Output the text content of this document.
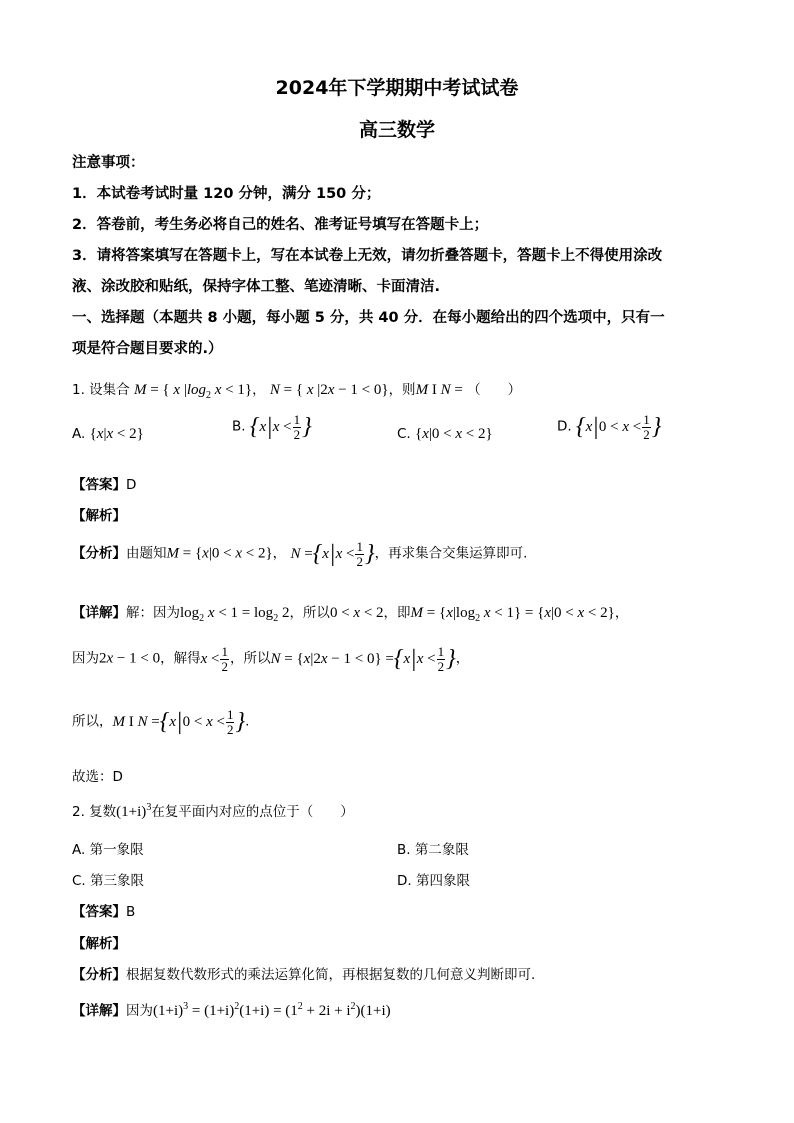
2024年下学期期中考试试卷
高三数学
注意事项：
1．本试卷考试时量 120 分钟，满分 150 分；
2．答卷前，考生务必将自己的姓名、准考证号填写在答题卡上；
3．请将答案填写在答题卡上，写在本试卷上无效，请勿折叠答题卡，答题卡上不得使用涂改
液、涂改胶和贴纸，保持字体工整、笔迹清晰、卡面清洁.
一、选择题（本题共 8 小题，每小题 5 分，共 40 分．在每小题给出的四个选项中，只有一
项是符合题目要求的.）
1. 设集合 M = { x $|\log_2$ x < 1}， N = { x |2x − 1 < 0}，则M I N = （　　）
A. {x|x < 2}	B. {$x|x < \frac{1}{2}$ }	C. {x|0 < x < 2}	D. {$x|0 < x < \frac{1}{2}$ }
【答案】D
【解析】
【分析】由题知M = {x|0 < x < 2}， $N =\{x|x < \frac{1}{2}$ }，再求集合交集运算即可.
【详解】解：因为$\log_2 x < 1 = \log_2 2$，所以0 < x < 2，即$M = \{x|\log_2$ x < 1} = {x|0 < x < 2}，
因为2x − 1 < 0，解得$x < \frac{1}{2}$ ，所以$N = \{x|2x - 1 < 0\} =\{x|x < \frac{1}{2}$ }，
所以，M I $N =\{x|0 < x < \frac{1}{2}$ }.
故选：D
2. 复数$(1+i)^3$在复平面内对应的点位于（　　）
A. 第一象限	B. 第二象限
C. 第三象限	D. 第四象限
【答案】B
【解析】
【分析】根据复数代数形式的乘法运算化简，再根据复数的几何意义判断即可.
【详解】因为$(1+i)^3 = (1+i)^2(1+i) = (1^2 + 2i + i^2)(1+i)$
